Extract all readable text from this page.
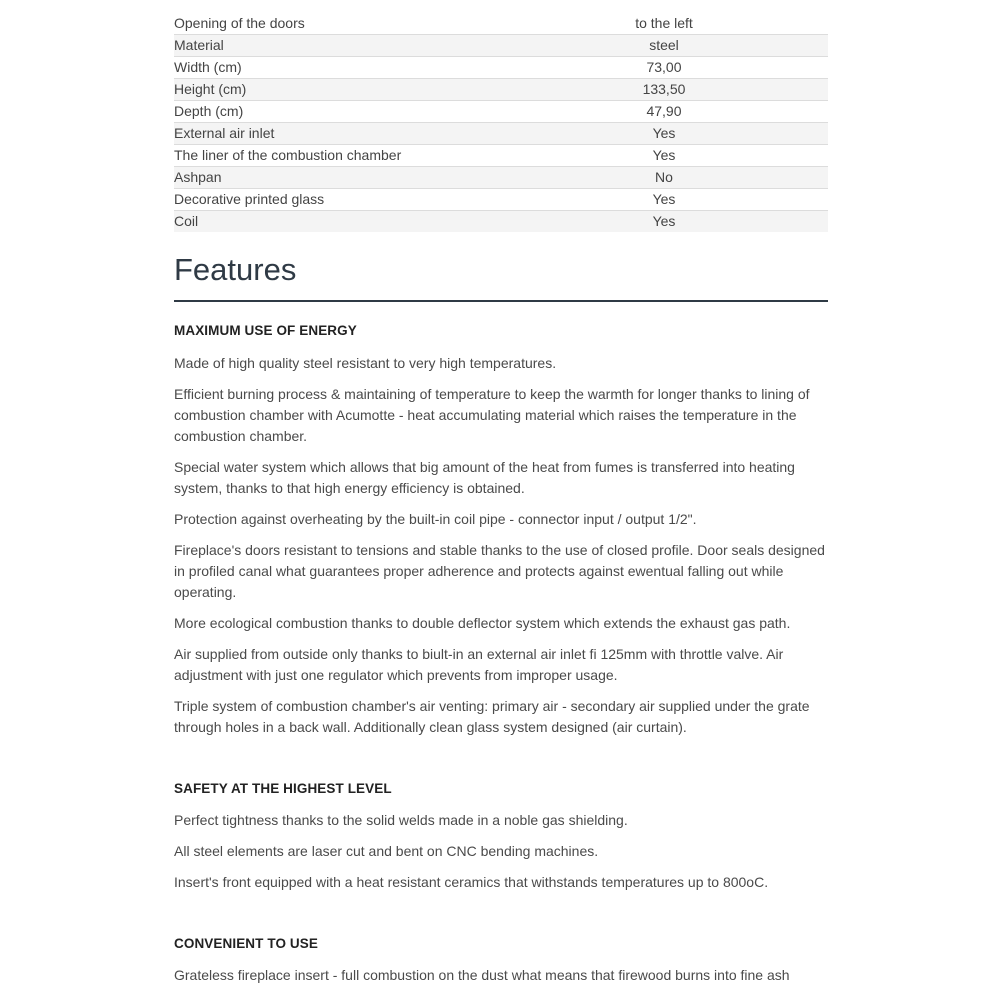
Opening of the doors	to the left
Material	steel
Width (cm)	73,00
Height (cm)	133,50
Depth (cm)	47,90
External air inlet	Yes
The liner of the combustion chamber	Yes
Ashpan	No
Decorative printed glass	Yes
Coil	Yes
Features

MAXIMUM USE OF ENERGY

Made of high quality steel resistant to very high temperatures.

Efficient burning process & maintaining of temperature to keep the warmth for longer thanks to lining of combustion chamber with Acumotte - heat accumulating material which raises the temperature in the combustion chamber.

Special water system which allows that big amount of the heat from fumes is transferred into heating system, thanks to that high energy efficiency is obtained.

Protection against overheating by the built-in coil pipe - connector input / output 1/2".

Fireplace's doors resistant to tensions and stable thanks to the use of closed profile. Door seals designed in profiled canal what guarantees proper adherence and protects against ewentual falling out while operating.

More ecological combustion thanks to double deflector system which extends the exhaust gas path.

Air supplied from outside only thanks to biult-in an external air inlet fi 125mm with throttle valve. Air adjustment with just one regulator which prevents from improper usage.

Triple system of combustion chamber's air venting: primary air - secondary air supplied under the grate through holes in a back wall. Additionally clean glass system designed (air curtain).

SAFETY AT THE HIGHEST LEVEL

Perfect tightness thanks to the solid welds made in a noble gas shielding.

All steel elements are laser cut and bent on CNC bending machines.

Insert's front equipped with a heat resistant ceramics that withstands temperatures up to 800oC.

CONVENIENT TO USE

Grateless fireplace insert - full combustion on the dust what means that firewood burns into fine ash
